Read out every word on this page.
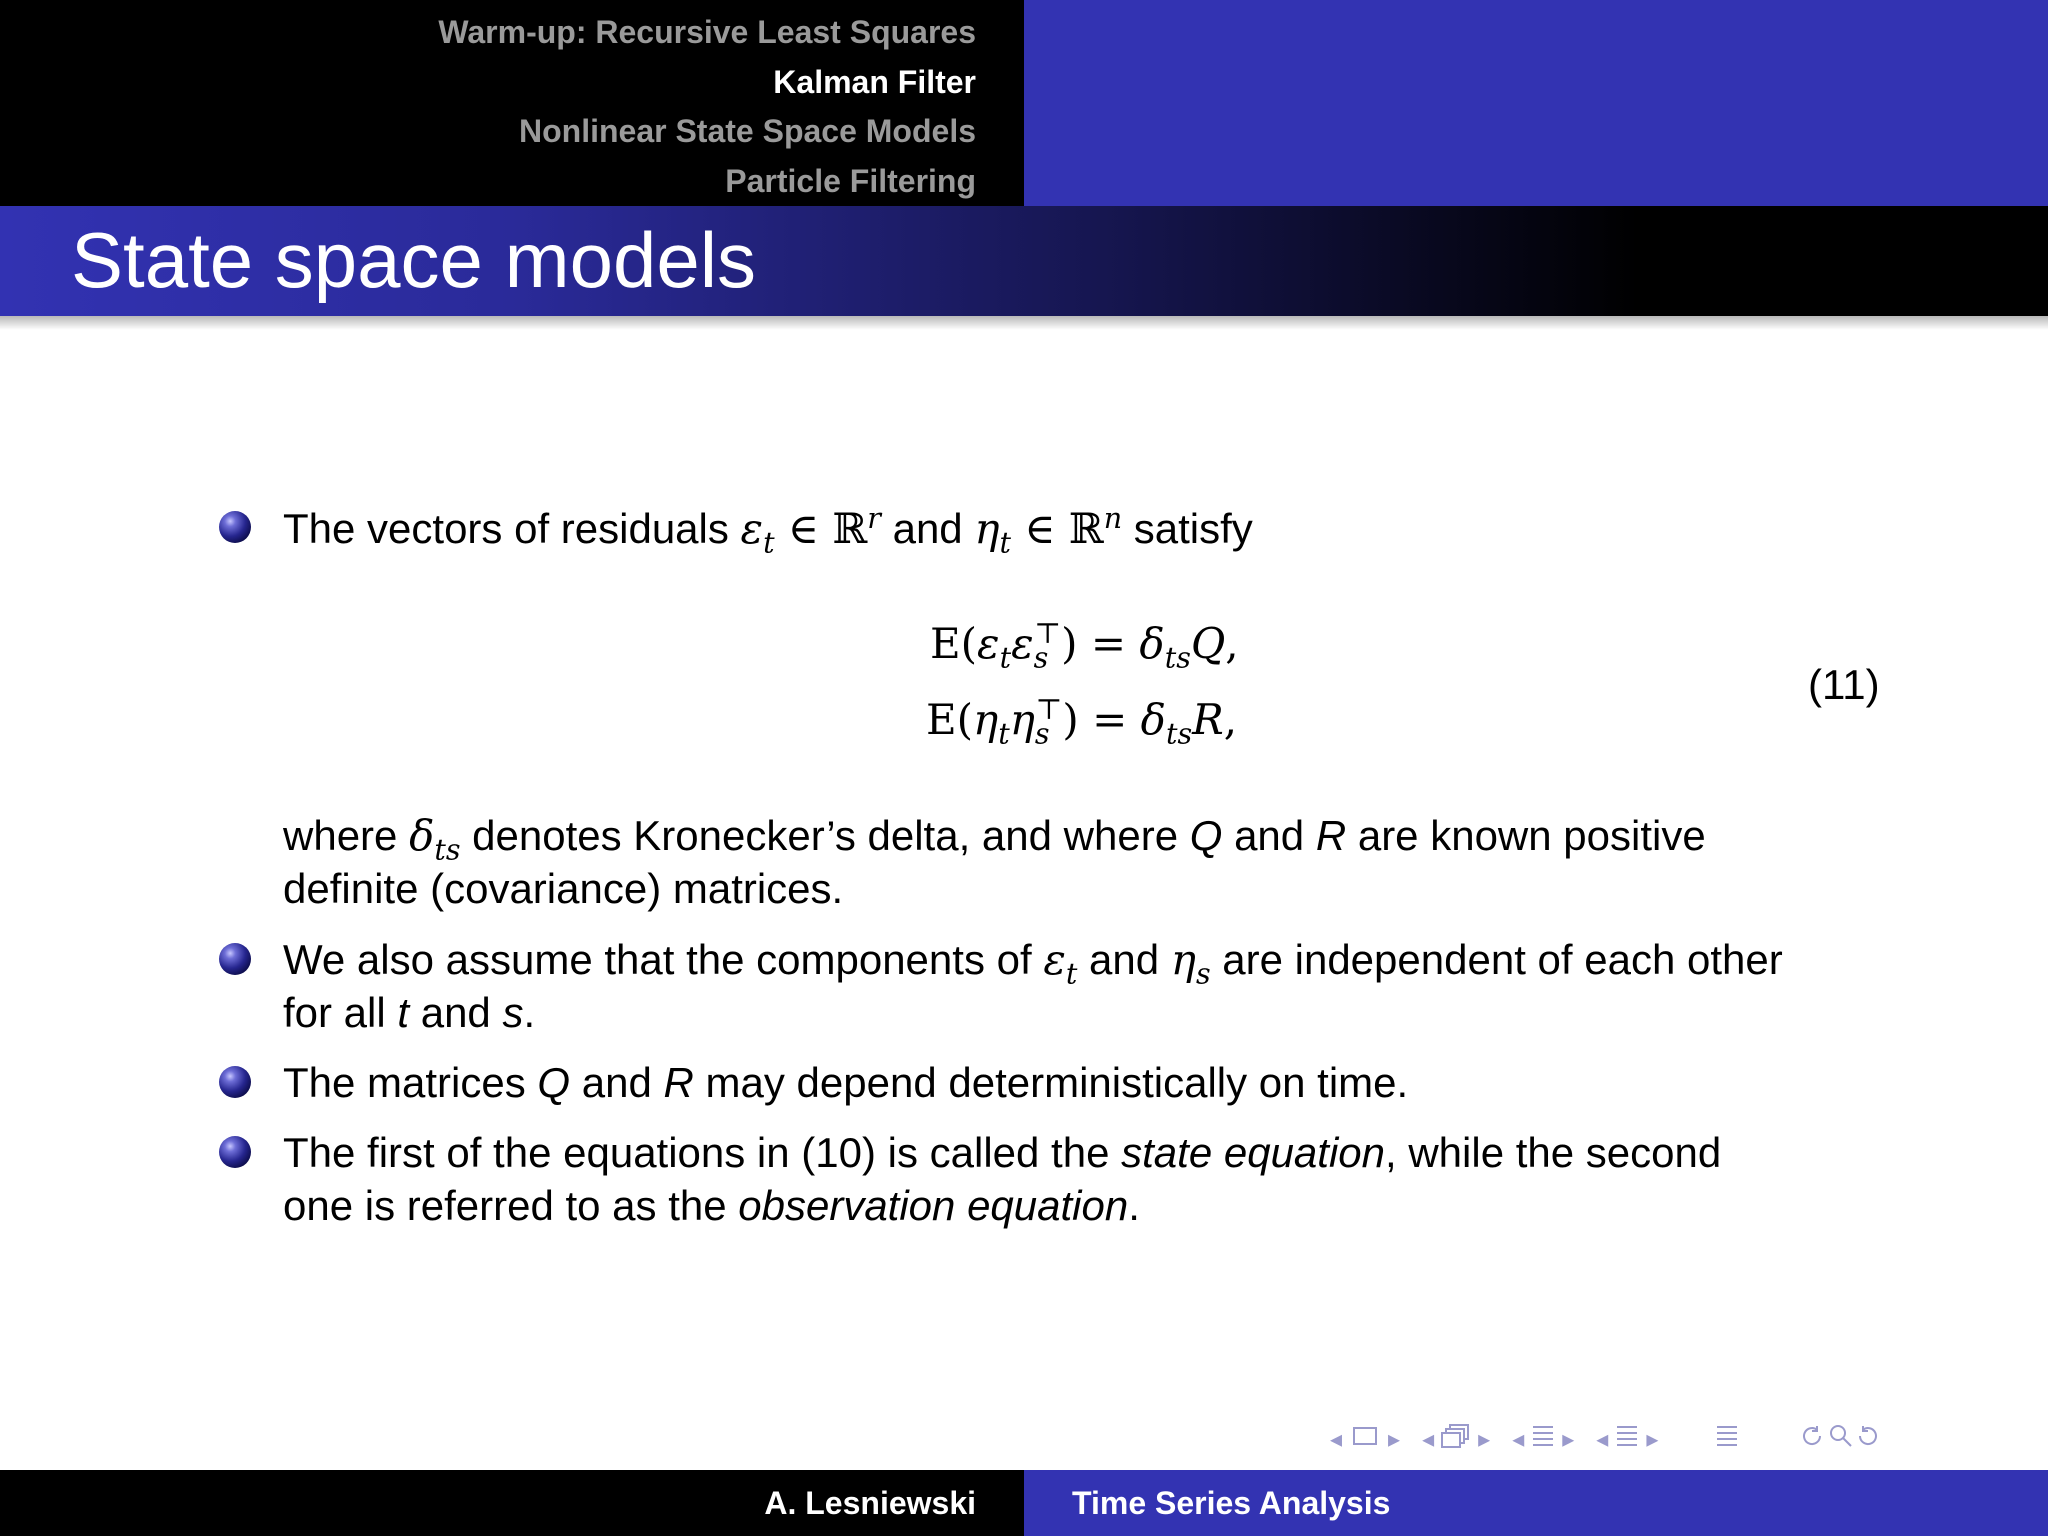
Warm-up: Recursive Least Squares
Kalman Filter
Nonlinear State Space Models
Particle Filtering
State space models
The vectors of residuals $\varepsilon_t$ ∈ ℝ$^r$ and $\eta_t$ ∈ ℝ$^n$ satisfy
$E(\varepsilon_t\varepsilon_s^⊤) = \delta_{ts}Q$,
$E(\eta_t\eta_s^⊤) = \delta_{ts}R$,
(11)
where $\delta_{ts}$ denotes Kronecker’s delta, and where Q and R are known positive
definite (covariance) matrices.
We also assume that the components of $\varepsilon_t$ and $\eta_s$ are independent of each other
for all t and s.
The matrices Q and R may depend deterministically on time.
The first of the equations in (10) is called the state equation, while the second
one is referred to as the observation equation.
◂ ▸ ◂ ▸ ◂ ▸ ◂ ▸
A. Lesniewski	Time Series Analysis
